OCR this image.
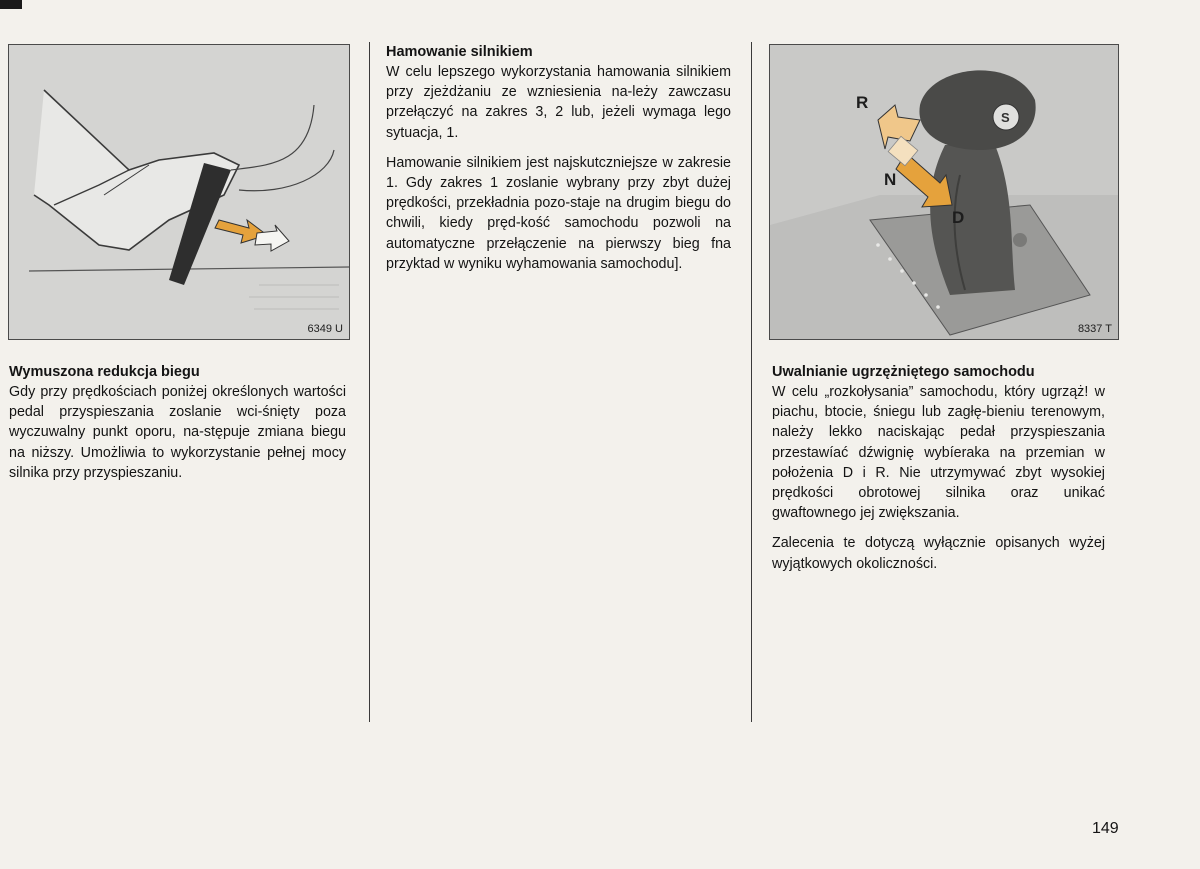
6349 U
Wymuszona redukcja biegu

Gdy przy prędkościach poniżej określonych wartości pedal przyspieszania zoslanie wci-śnięty poza wyczuwalny punkt oporu, na-stępuje zmiana biegu na niższy. Umożliwia to wykorzystanie pełnej mocy silnika przy przyspieszaniu.

Hamowanie silnikiem

W celu lepszego wykorzystania hamowania silnikiem przy zjeżdżaniu ze wzniesienia na-leży zawczasu przełączyć na zakres 3, 2 lub, jeżeli wymaga lego sytuacja, 1.

Hamowanie silnikiem jest najskutczniejsze w zakresie 1. Gdy zakres 1 zoslanie wybrany przy zbyt dużej prędkości, przekładnia pozo-staje na drugim biegu do chwili, kiedy pręd-kość samochodu pozwoli na automatyczne przełączenie na pierwszy bieg fna przyktad w wyniku wyhamowania samochodu].

R
N
D
S
8337 T
Uwalnianie ugrzężniętego samochodu

W celu „rozkołysania” samochodu, który ugrząż! w piachu, btocie, śniegu lub zagłę-bieniu terenowym, należy lekko naciskając pedał przyspieszania przestawíać dźwignię wybíeraka na przemian w położenia D i R. Nie utrzymywać zbyt wysokiej prędkości obrotowej silnika oraz unikać gwaftownego jej zwiększania.

Zalecenia te dotyczą wyłącznie opisanych wyżej wyjątkowych okoliczności.

149
